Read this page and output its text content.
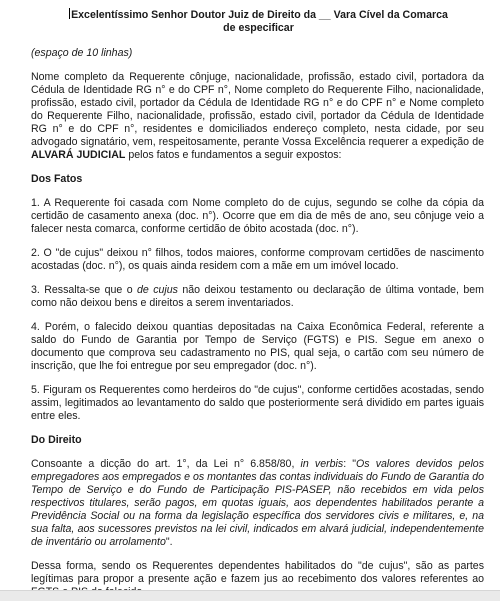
Excelentíssimo Senhor Doutor Juiz de Direito da __ Vara Cível da Comarca
de especificar

(espaço de 10 linhas)

Nome completo da Requerente cônjuge, nacionalidade, profissão, estado civil, portadora da Cédula de Identidade RG n° e do CPF n°, Nome completo do Requerente Filho, nacionalidade, profissão, estado civil, portador da Cédula de Identidade RG n° e do CPF n° e Nome completo do Requerente Filho, nacionalidade, profissão, estado civil, portador da Cédula de Identidade RG n° e do CPF n°, residentes e domiciliados endereço completo, nesta cidade, por seu advogado signatário, vem, respeitosamente, perante Vossa Excelência requerer a expedição de ALVARÁ JUDICIAL pelos fatos e fundamentos a seguir expostos:

Dos Fatos

1. A Requerente foi casada com Nome completo do de cujus, segundo se colhe da cópia da certidão de casamento anexa (doc. n°). Ocorre que em dia de mês de ano, seu cônjuge veio a falecer nesta comarca, conforme certidão de óbito acostada (doc. n°).

2. O "de cujus" deixou n° filhos, todos maiores, conforme comprovam certidões de nascimento acostadas (doc. n°), os quais ainda residem com a mãe em um imóvel locado.

3. Ressalta-se que o de cujus não deixou testamento ou declaração de última vontade, bem como não deixou bens e direitos a serem inventariados.

4. Porém, o falecido deixou quantias depositadas na Caixa Econômica Federal, referente a saldo do Fundo de Garantia por Tempo de Serviço (FGTS) e PIS. Segue em anexo o documento que comprova seu cadastramento no PIS, qual seja, o cartão com seu número de inscrição, que lhe foi entregue por seu empregador (doc. n°).

5. Figuram os Requerentes como herdeiros do "de cujus", conforme certidões acostadas, sendo assim, legitimados ao levantamento do saldo que posteriormente será dividido em partes iguais entre eles.

Do Direito

Consoante a dicção do art. 1°, da Lei n° 6.858/80, in verbis: "Os valores devidos pelos empregadores aos empregados e os montantes das contas individuais do Fundo de Garantia do Tempo de Serviço e do Fundo de Participação PIS-PASEP, não recebidos em vida pelos respectivos titulares, serão pagos, em quotas iguais, aos dependentes habilitados perante a Previdência Social ou na forma da legislação específica dos servidores civis e militares, e, na sua falta, aos sucessores previstos na lei civil, indicados em alvará judicial, independentemente de inventário ou arrolamento".

Dessa forma, sendo os Requerentes dependentes habilitados do "de cujus", são as partes legítimas para propor a presente ação e fazem jus ao recebimento dos valores referentes ao
